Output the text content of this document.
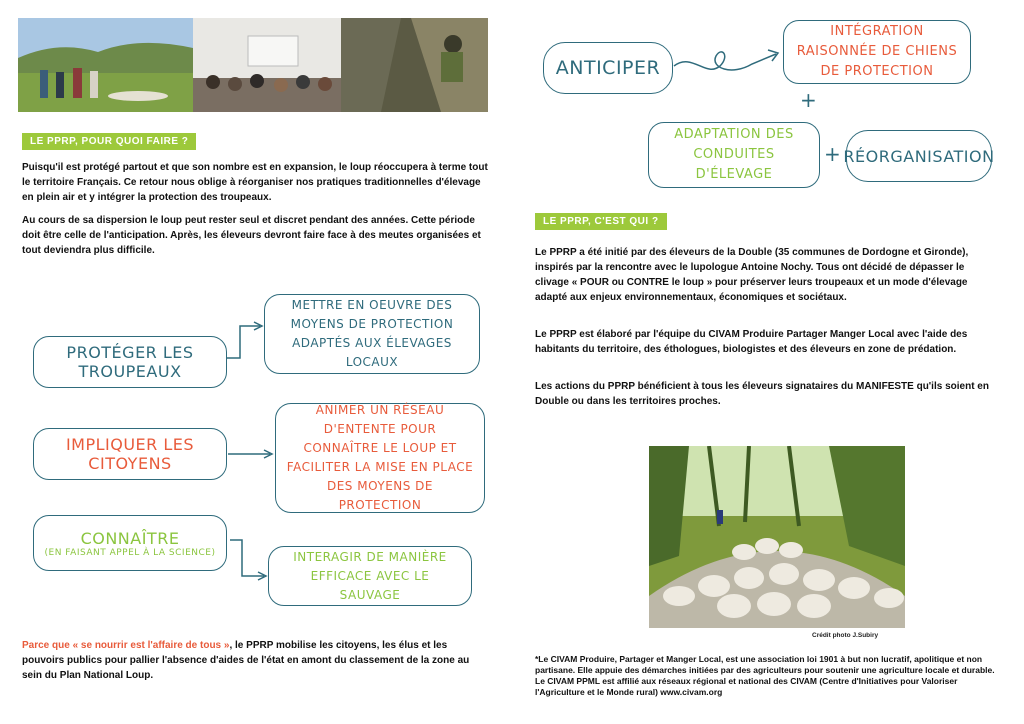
LE PPRP, POUR QUOI FAIRE ?

Puisqu'il est protégé partout et que son nombre est en expansion, le loup réoccupera à terme tout le territoire Français. Ce retour nous oblige à réorganiser nos pratiques traditionnelles d'élevage en plein air et y intégrer la protection des troupeaux.

Au cours de sa dispersion le loup peut rester seul et discret pendant des années. Cette période doit être celle de l'anticipation. Après, les éleveurs devront faire face à des meutes organisées et tout deviendra plus difficile.

PROTÉGER LES TROUPEAUX
METTRE EN OEUVRE DES MOYENS DE PROTECTION ADAPTÉS AUX ÉLEVAGES LOCAUX
IMPLIQUER LES CITOYENS
ANIMER UN RÉSEAU D'ENTENTE POUR CONNAÎTRE LE LOUP ET FACILITER LA MISE EN PLACE DES MOYENS DE PROTECTION
CONNAÎTRE
(EN FAISANT APPEL À LA SCIENCE)	INTERAGIR DE MANIÈRE EFFICACE AVEC LE SAUVAGE
Parce que « se nourrir est l'affaire de tous », le PPRP mobilise les citoyens, les élus et les pouvoirs publics pour pallier l'absence d'aides de l'état en amont du classement de la zone au sein du Plan National Loup.
ANTICIPER
INTÉGRATION RAISONNÉE DE CHIENS DE PROTECTION
+
ADAPTATION DES CONDUITES D'ÉLEVAGE
+ RÉORGANISATION
LE PPRP, C'EST QUI ?

Le PPRP a été initié par des éleveurs de la Double (35 communes de Dordogne et Gironde), inspirés par la rencontre avec le lupologue Antoine Nochy. Tous ont décidé de dépasser le clivage « POUR ou CONTRE le loup » pour préserver leurs troupeaux et un mode d'élevage adapté aux enjeux environnementaux, économiques et sociétaux.

Le PPRP est élaboré par l'équipe du CIVAM Produire Partager Manger Local avec l'aide des habitants du territoire, des éthologues, biologistes et des éleveurs en zone de prédation.

Les actions du PPRP bénéficient à tous les éleveurs signataires du MANIFESTE qu'ils soient en Double ou dans les territoires proches.

Crédit photo J.Subiry
*Le CIVAM Produire, Partager et Manger Local, est une association loi 1901 à but non lucratif, apolitique et non partisane. Elle appuie des démarches initiées par des agriculteurs pour soutenir une agriculture locale et durable. Le CIVAM PPML est affilié aux réseaux régional et national des CIVAM (Centre d'Initiatives pour Valoriser l'Agriculture et le Monde rural) www.civam.org
